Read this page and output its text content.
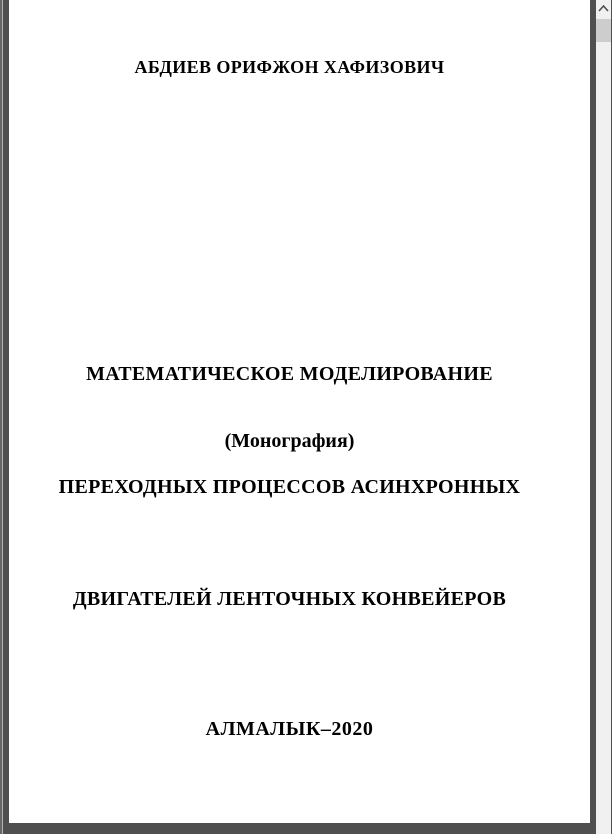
АБДИЕВ ОРИФЖОН ХАФИЗОВИЧ

МАТЕМАТИЧЕСКОЕ МОДЕЛИРОВАНИЕ

ПЕРЕХОДНЫХ ПРОЦЕССОВ АСИНХРОННЫХ

ДВИГАТЕЛЕЙ ЛЕНТОЧНЫХ КОНВЕЙЕРОВ

(Монография)
АЛМАЛЫК–2020
